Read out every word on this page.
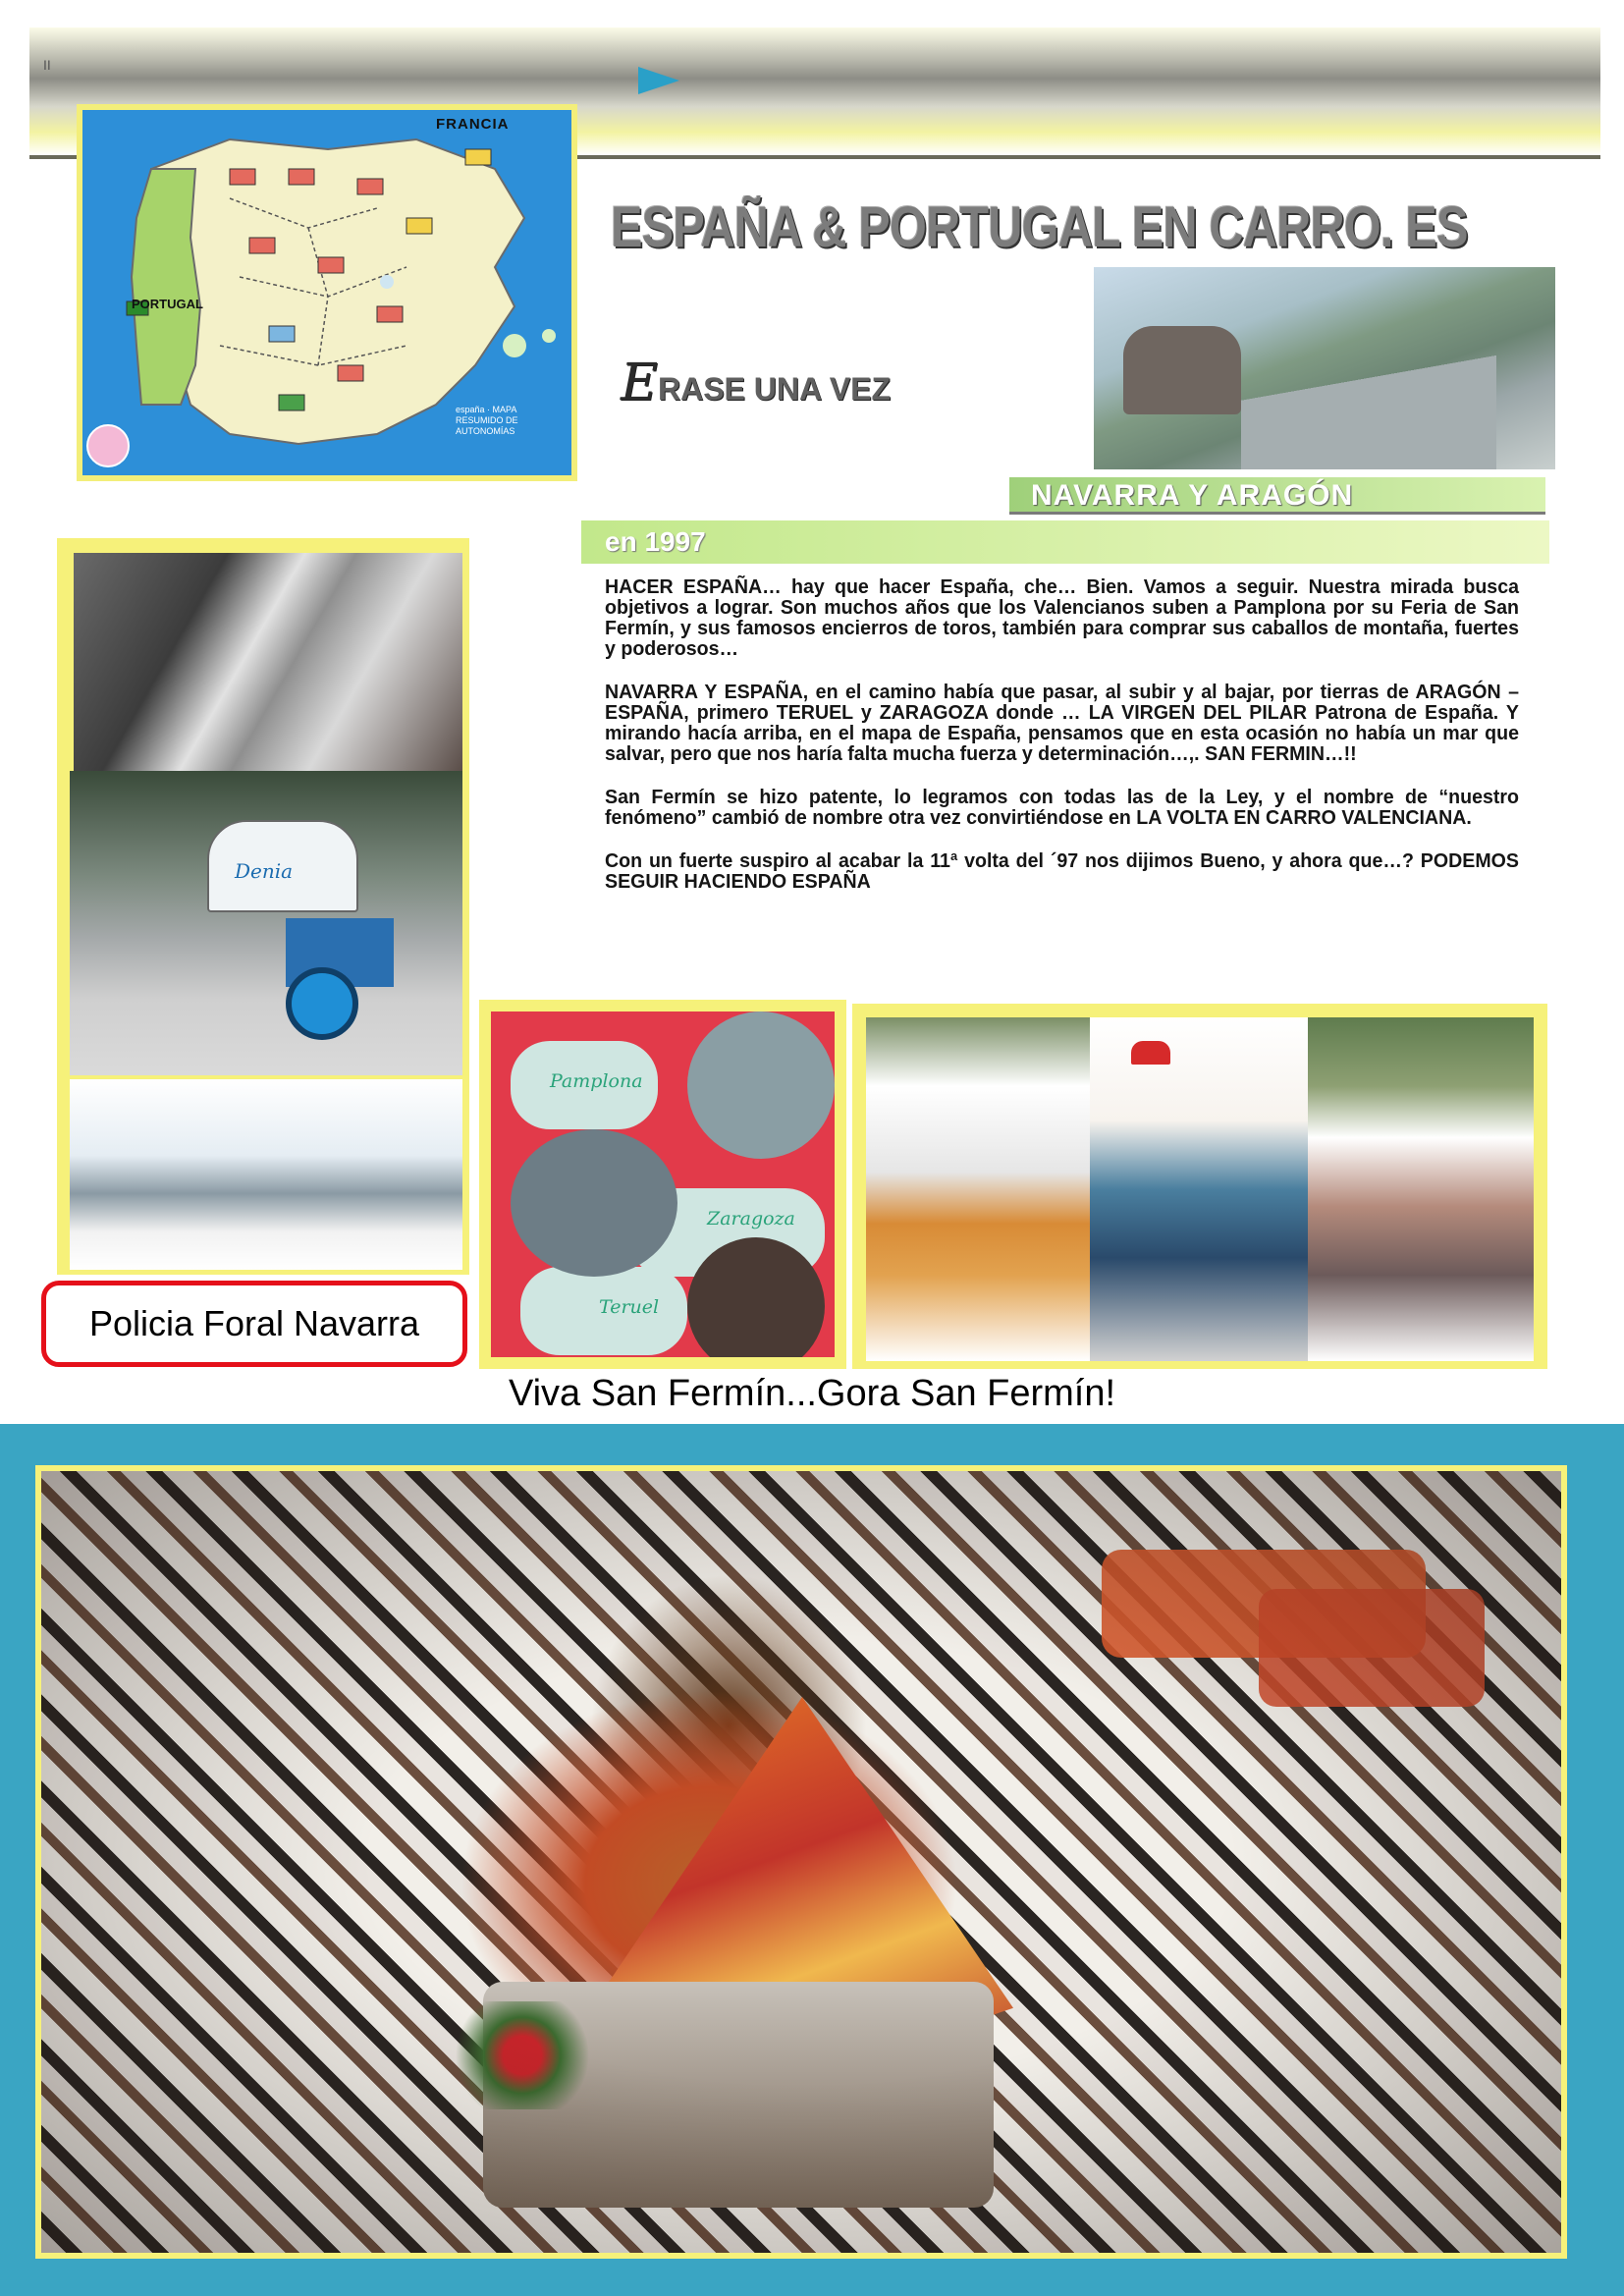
II
FRANCIA
PORTUGAL
españa · MAPA RESUMIDO DE AUTONOMÍAS
ESPAÑA & PORTUGAL EN CARRO. ES
ERASE UNA VEZ
NAVARRA Y ARAGÓN
en 1997

HACER ESPAÑA… hay que hacer España, che… Bien. Vamos a seguir. Nuestra mirada busca objetivos a lograr. Son muchos años que los Valencianos suben a Pamplona por su Feria de San Fermín, y sus famosos encierros de toros, también para comprar sus caballos de montaña, fuertes y poderosos…

NAVARRA Y ESPAÑA, en el camino había que pasar, al subir y al bajar, por tierras de ARAGÓN – ESPAÑA, primero TERUEL y ZARAGOZA donde … LA VIRGEN DEL PILAR Patrona de España. Y mirando hacía arriba, en el mapa de España, pensamos que en esta ocasión no había un mar que salvar, pero que nos haría falta mucha fuerza y determinación…,. SAN FERMIN…!!

San Fermín se hizo patente, lo legramos con todas las de la Ley, y el nombre de “nuestro fenómeno” cambió de nombre otra vez convirtiéndose en LA VOLTA EN CARRO VALENCIANA.

Con un fuerte suspiro al acabar la 11ª volta del ´97 nos dijimos Bueno, y ahora que…? PODEMOS SEGUIR HACIENDO ESPAÑA

Denia
Policia Foral Navarra
Pamplona
Zaragoza
Teruel
Viva San Fermín...Gora San Fermín!
